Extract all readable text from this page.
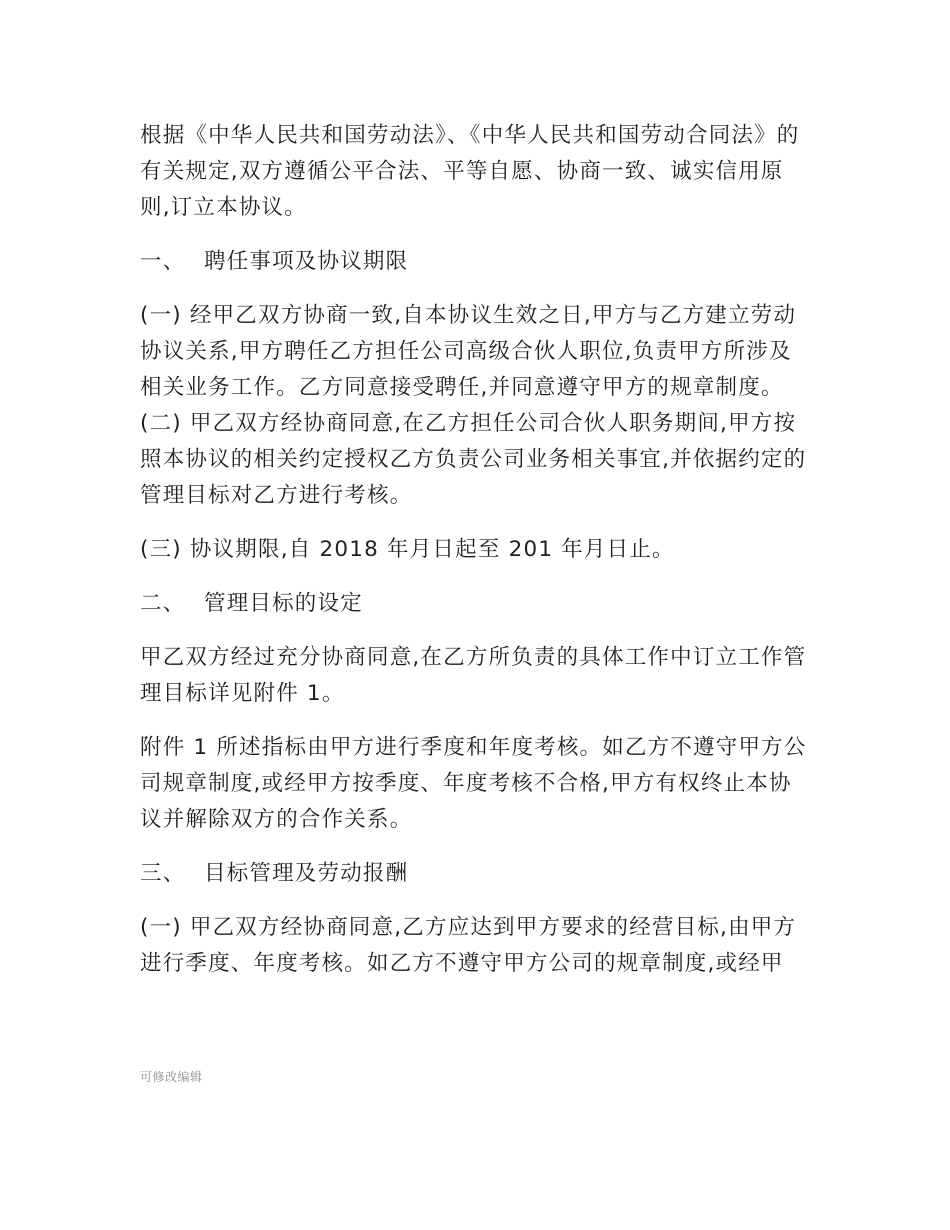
根据《中华人民共和国劳动法》、《中华人民共和国劳动合同法》的有关规定,双方遵循公平合法、平等自愿、协商一致、诚实信用原则,订立本协议。

一、 聘任事项及协议期限

(一) 经甲乙双方协商一致,自本协议生效之日,甲方与乙方建立劳动协议关系,甲方聘任乙方担任公司高级合伙人职位,负责甲方所涉及相关业务工作。乙方同意接受聘任,并同意遵守甲方的规章制度。 (二) 甲乙双方经协商同意,在乙方担任公司合伙人职务期间,甲方按照本协议的相关约定授权乙方负责公司业务相关事宜,并依据约定的管理目标对乙方进行考核。

(三) 协议期限,自 2018 年月日起至 201 年月日止。

二、 管理目标的设定

甲乙双方经过充分协商同意,在乙方所负责的具体工作中订立工作管理目标详见附件 1。

附件 1 所述指标由甲方进行季度和年度考核。如乙方不遵守甲方公司规章制度,或经甲方按季度、年度考核不合格,甲方有权终止本协议并解除双方的合作关系。

三、 目标管理及劳动报酬

(一) 甲乙双方经协商同意,乙方应达到甲方要求的经营目标,由甲方进行季度、年度考核。如乙方不遵守甲方公司的规章制度,或经甲

可修改编辑
